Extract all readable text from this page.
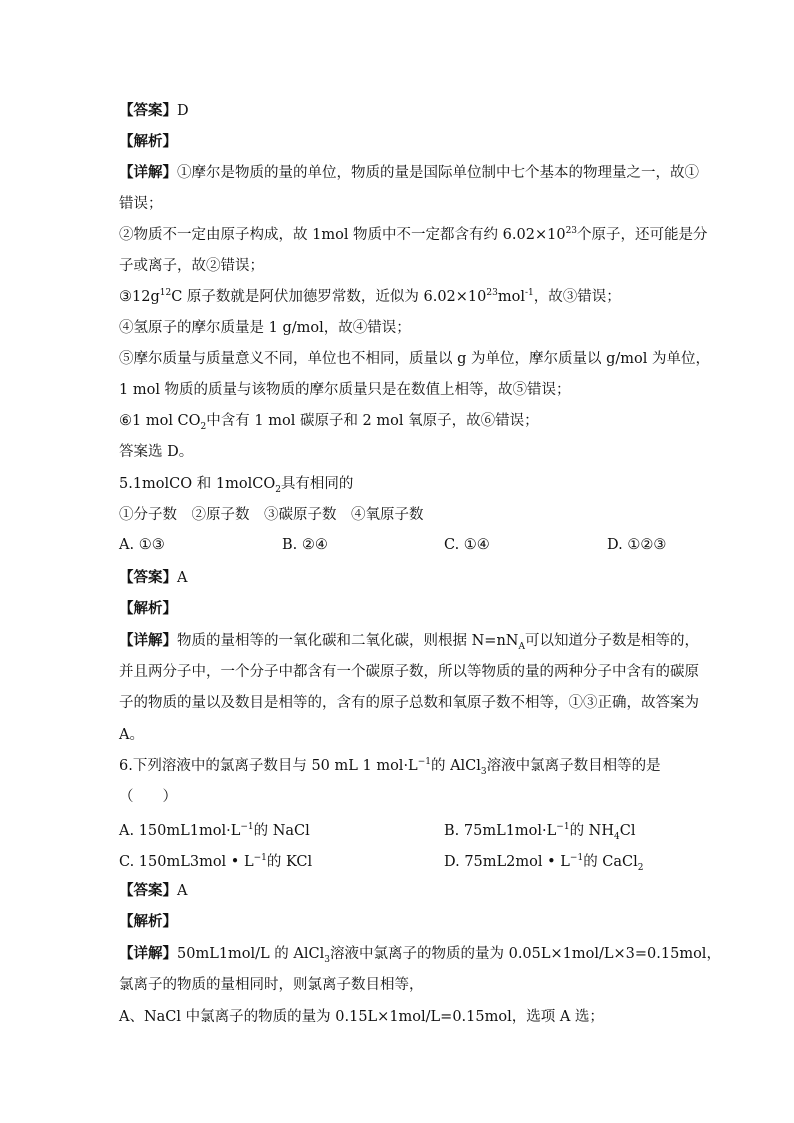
【答案】D
【解析】
【详解】①摩尔是物质的量的单位，物质的量是国际单位制中七个基本的物理量之一，故①
错误；
②物质不一定由原子构成，故 1mol 物质中不一定都含有约 $6.02\times 10^{23}$个原子，还可能是分
子或离子，故②错误；
$③12g^{12}C$ 原子数就是阿伏加德罗常数，近似为 $6.02\times 10^{23}mol^{-1}$，故③错误；
④氢原子的摩尔质量是 1 g/mol，故④错误；
⑤摩尔质量与质量意义不同，单位也不相同，质量以 g 为单位，摩尔质量以 g/mol 为单位，
1 mol 物质的质量与该物质的摩尔质量只是在数值上相等，故⑤错误；
⑥1 mol $CO_2$中含有 1 mol 碳原子和 2 mol 氧原子，故⑥错误；
答案选 D。
5.1molCO 和 1molCO$_2$具有相同的
①分子数　②原子数　③碳原子数　④氧原子数
A. ①③	B. ②④	C. ①④	D. ①②③
【答案】A
【解析】
【详解】物质的量相等的一氧化碳和二氧化碳，则根据 $N=nN_A$可以知道分子数是相等的，
并且两分子中，一个分子中都含有一个碳原子数，所以等物质的量的两种分子中含有的碳原
子的物质的量以及数目是相等的，含有的原子总数和氧原子数不相等，①③正确，故答案为
A。
6.下列溶液中的氯离子数目与 50 mL 1 $mol\cdot L^{-1}$的 AlCl$_3$溶液中氯离子数目相等的是
（　　）
A. $150mL1mol\cdot L^{-1}$的 NaCl	B. $75mL1mol\cdot L^{-1}$的 $NH_4Cl$
C. 150mL3mol • $L^{-1}$的 KCl	D. 75mL2mol • $L^{-1}$的 CaCl$_2$
【答案】A
【解析】
【详解】50mL1mol/L 的 AlCl$_3$溶液中氯离子的物质的量为 0.05L×1mol/L×3=0.15mol，
氯离子的物质的量相同时，则氯离子数目相等，
A、NaCl 中氯离子的物质的量为 0.15L×1mol/L=0.15mol，选项 A 选；
